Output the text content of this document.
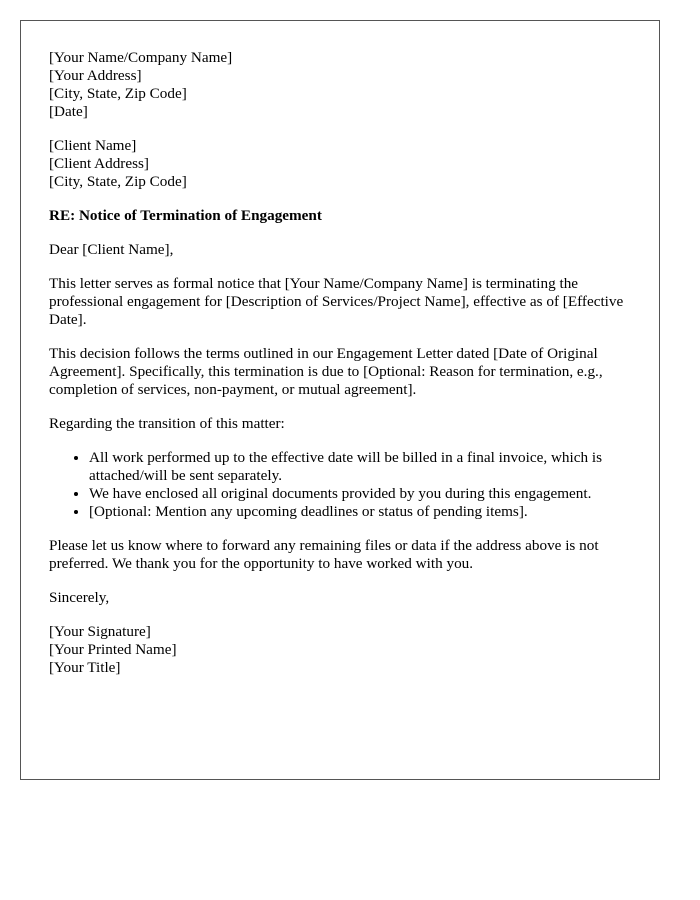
[Your Name/Company Name]
[Your Address]
[City, State, Zip Code]
[Date]
[Client Name]
[Client Address]
[City, State, Zip Code]
RE: Notice of Termination of Engagement

Dear [Client Name],

This letter serves as formal notice that [Your Name/Company Name] is terminating the professional engagement for [Description of Services/Project Name], effective as of [Effective Date].

This decision follows the terms outlined in our Engagement Letter dated [Date of Original Agreement]. Specifically, this termination is due to [Optional: Reason for termination, e.g., completion of services, non-payment, or mutual agreement].

Regarding the transition of this matter:

• All work performed up to the effective date will be billed in a final invoice, which is attached/will be sent separately.
• We have enclosed all original documents provided by you during this engagement.
• [Optional: Mention any upcoming deadlines or status of pending items].

Please let us know where to forward any remaining files or data if the address above is not preferred. We thank you for the opportunity to have worked with you.

Sincerely,

[Your Signature]
[Your Printed Name]
[Your Title]
